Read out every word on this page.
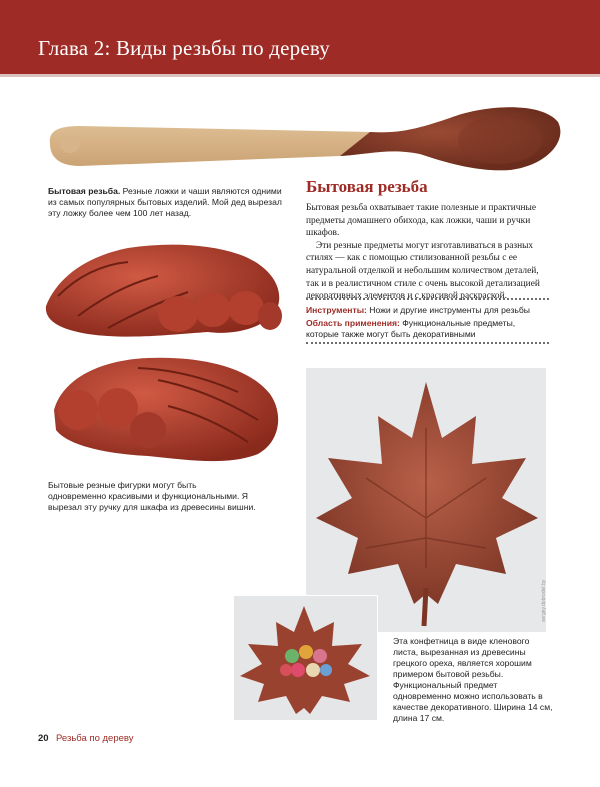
Глава 2: Виды резьбы по дереву
Бытовая резьба. Резные ложки и чаши являются одними из самых популярных бытовых изделий. Мой дед вырезал эту ложку более чем 100 лет назад.
Бытовые резные фигурки могут быть одновременно красивыми и функциональными. Я вырезал эту ручку для шкафа из древесины вишни.
Бытовая резьба

Бытовая резьба охватывает такие полезные и практичные предметы домашнего обихода, как ложки, чаши и ручки шкафов.

Эти резные предметы могут изготавливаться в разных стилях — как с помощью стилизованной резьбы с ее натуральной отделкой и небольшим количеством деталей, так и в реалистичном стиле с очень высокой детализацией декоративных элементов и с красивой раскраской.

Инструменты: Ножи и другие инструменты для резьбы
Область применения: Функциональные предметы, которые также могут быть декоративными
sergey.dobrodel.by
Эта конфетница в виде кленового листа, вырезанная из древесины грецкого ореха, является хорошим примером бытовой резьбы. Функциональный предмет одновременно можно использовать в качестве декоративного. Ширина 14 см, длина 17 см.
20 Резьба по дереву
